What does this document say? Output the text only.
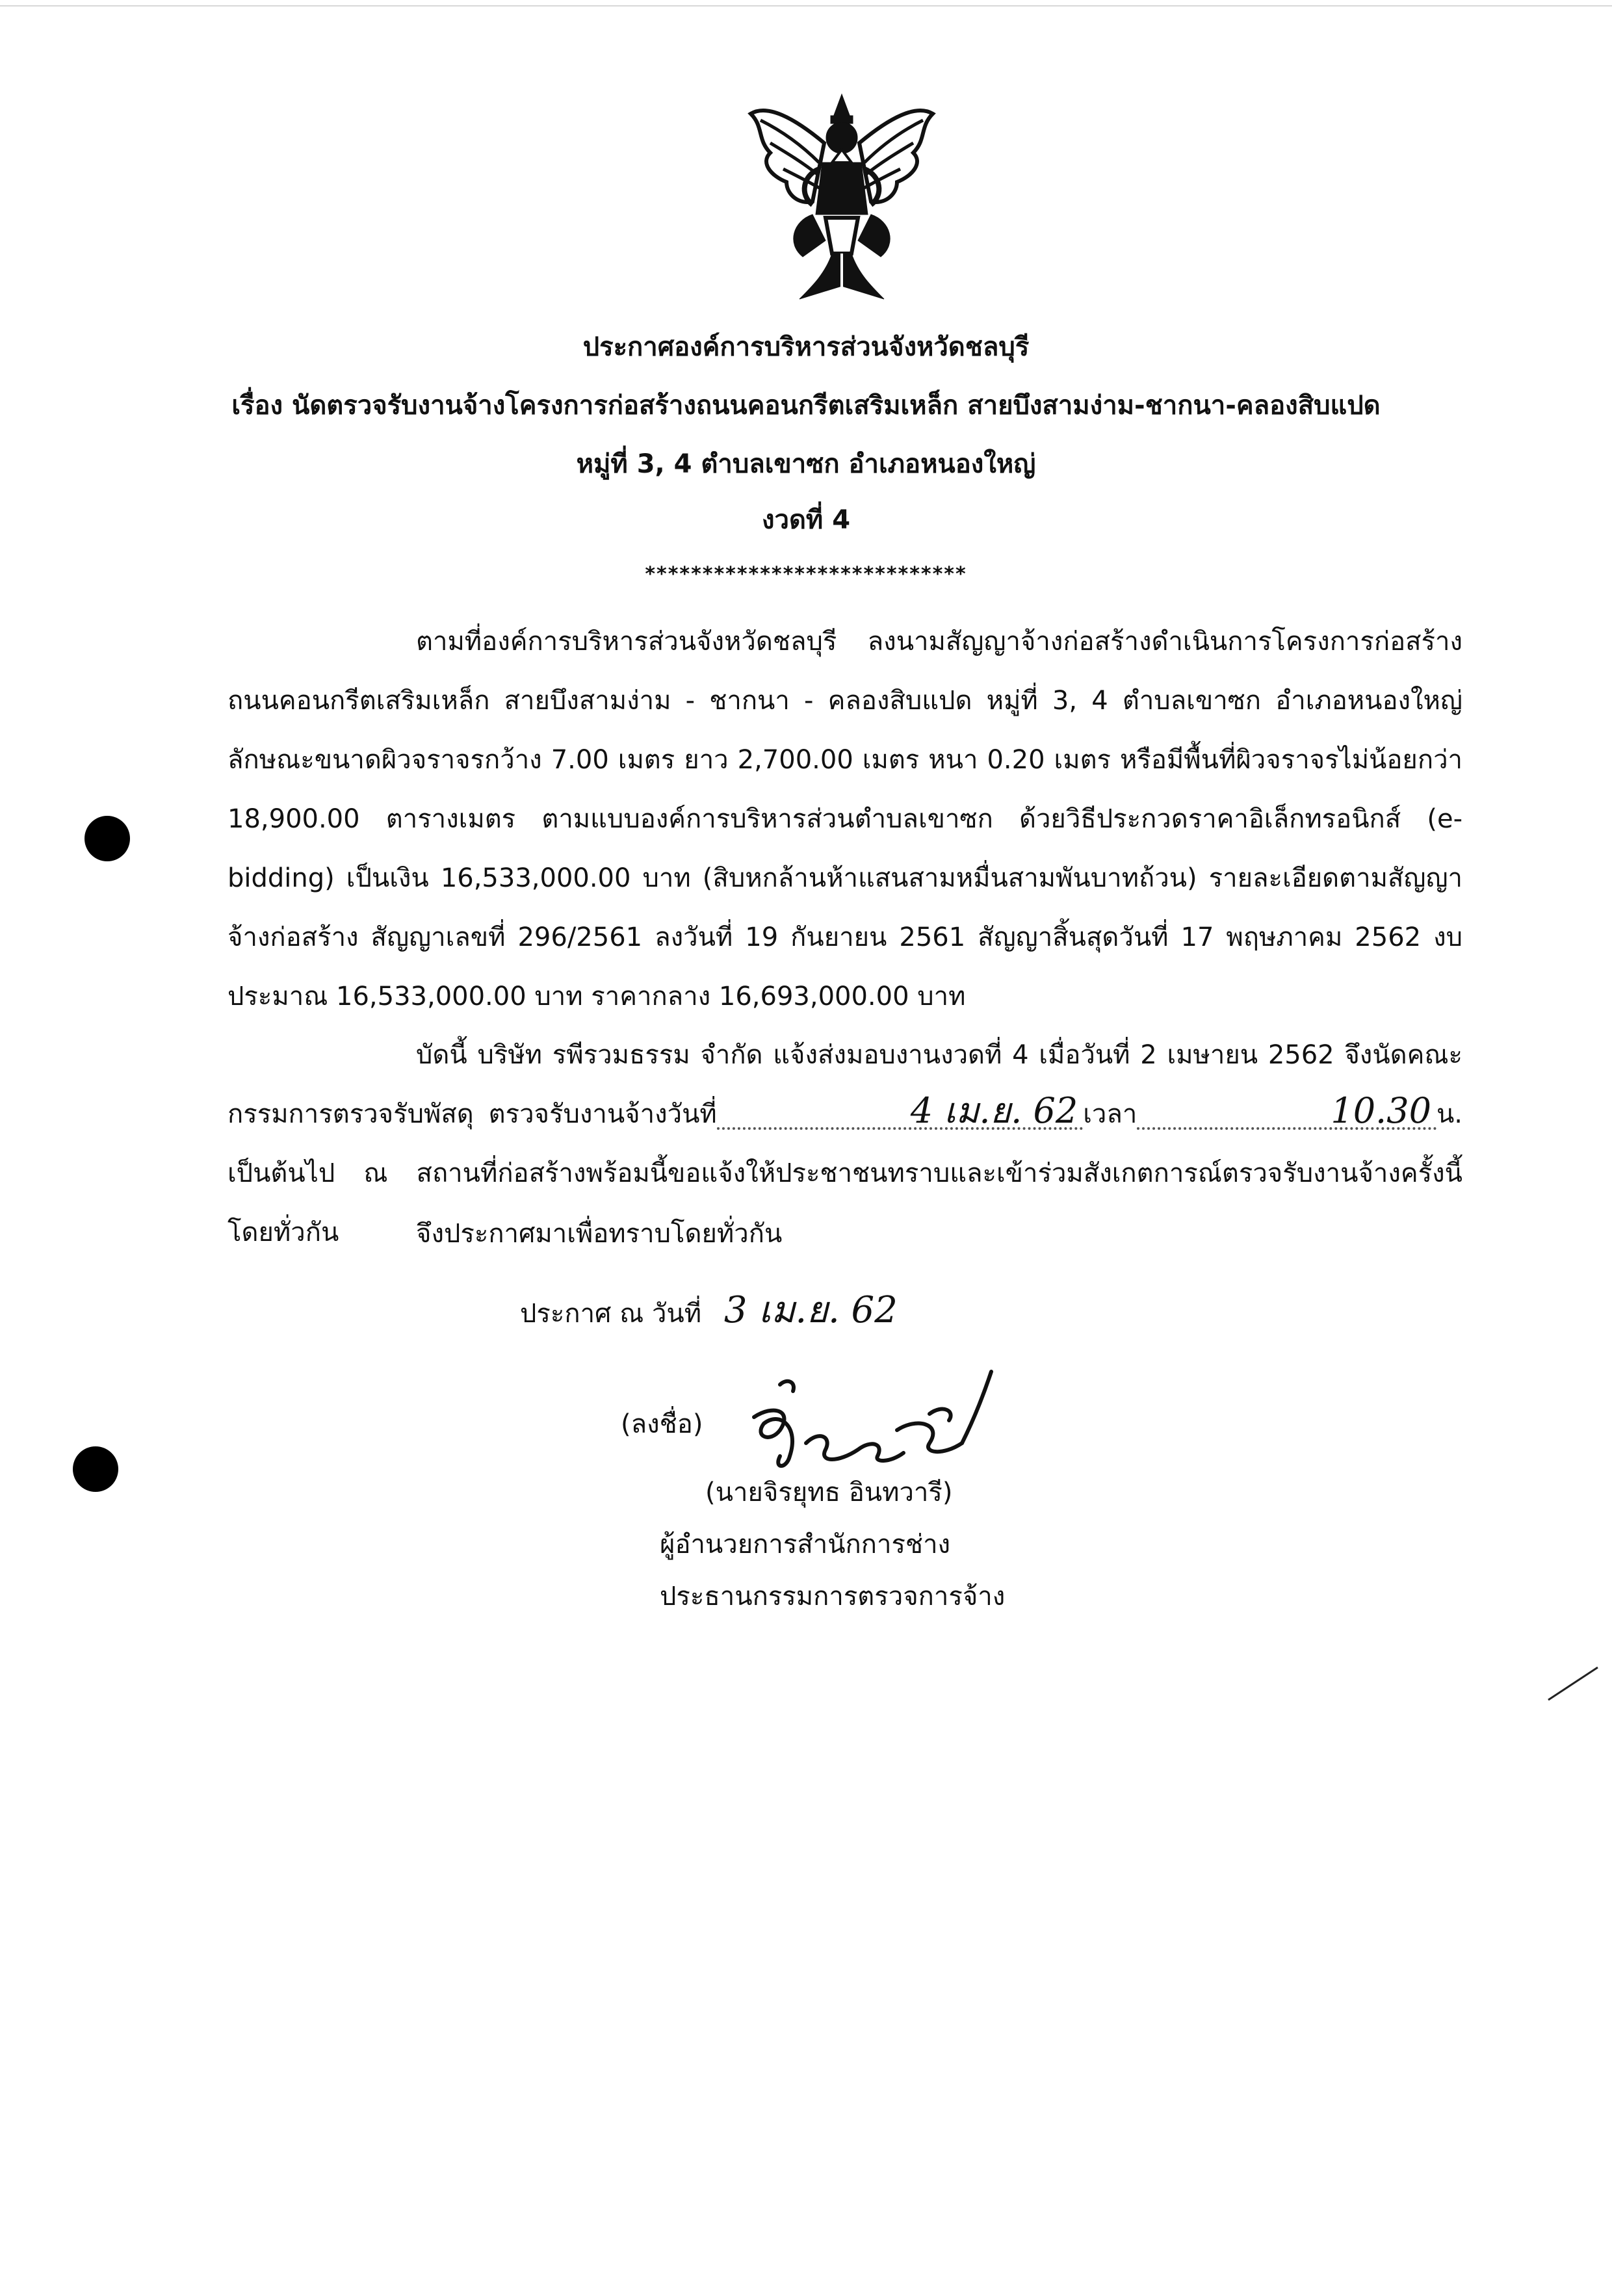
ประกาศองค์การบริหารส่วนจังหวัดชลบุรี
เรื่อง นัดตรวจรับงานจ้างโครงการก่อสร้างถนนคอนกรีตเสริมเหล็ก สายบึงสามง่าม-ชากนา-คลองสิบแปด
หมู่ที่ 3, 4 ตำบลเขาซก อำเภอหนองใหญ่
งวดที่ 4
****************************

ตามที่องค์การบริหารส่วนจังหวัดชลบุรี ลงนามสัญญาจ้างก่อสร้างดำเนินการโครงการก่อสร้างถนนคอนกรีตเสริมเหล็ก สายบึงสามง่าม - ชากนา - คลองสิบแปด หมู่ที่ 3, 4 ตำบลเขาซก อำเภอหนองใหญ่ ลักษณะขนาดผิวจราจรกว้าง 7.00 เมตร ยาว 2,700.00 เมตร หนา 0.20 เมตร หรือมีพื้นที่ผิวจราจรไม่น้อยกว่า 18,900.00 ตารางเมตร ตามแบบองค์การบริหารส่วนตำบลเขาซก ด้วยวิธีประกวดราคาอิเล็กทรอนิกส์ (e-bidding) เป็นเงิน 16,533,000.00 บาท (สิบหกล้านห้าแสนสามหมื่นสามพันบาทถ้วน) รายละเอียดตามสัญญาจ้างก่อสร้าง สัญญาเลขที่ 296/2561 ลงวันที่ 19 กันยายน 2561 สัญญาสิ้นสุดวันที่ 17 พฤษภาคม 2562 งบประมาณ 16,533,000.00 บาท ราคากลาง 16,693,000.00 บาท

บัดนี้ บริษัท รพีรวมธรรม จำกัด แจ้งส่งมอบงานงวดที่ 4 เมื่อวันที่ 2 เมษายน 2562 จึงนัดคณะกรรมการตรวจรับพัสดุ ตรวจรับงานจ้างวันที่	4 เม.ย. 62 เวลา	10.30 น. เป็นต้นไป ณ สถานที่ก่อสร้างพร้อมนี้ขอแจ้งให้ประชาชนทราบและเข้าร่วมสังเกตการณ์ตรวจรับงานจ้างครั้งนี้โดยทั่วกัน	จึงประกาศมาเพื่อทราบโดยทั่วกัน
ประกาศ ณ วันที่ 3 เม.ย. 62
(ลงชื่อ)
(นายจิรยุทธ อินทวารี)
ผู้อำนวยการสำนักการช่าง
ประธานกรรมการตรวจการจ้าง
